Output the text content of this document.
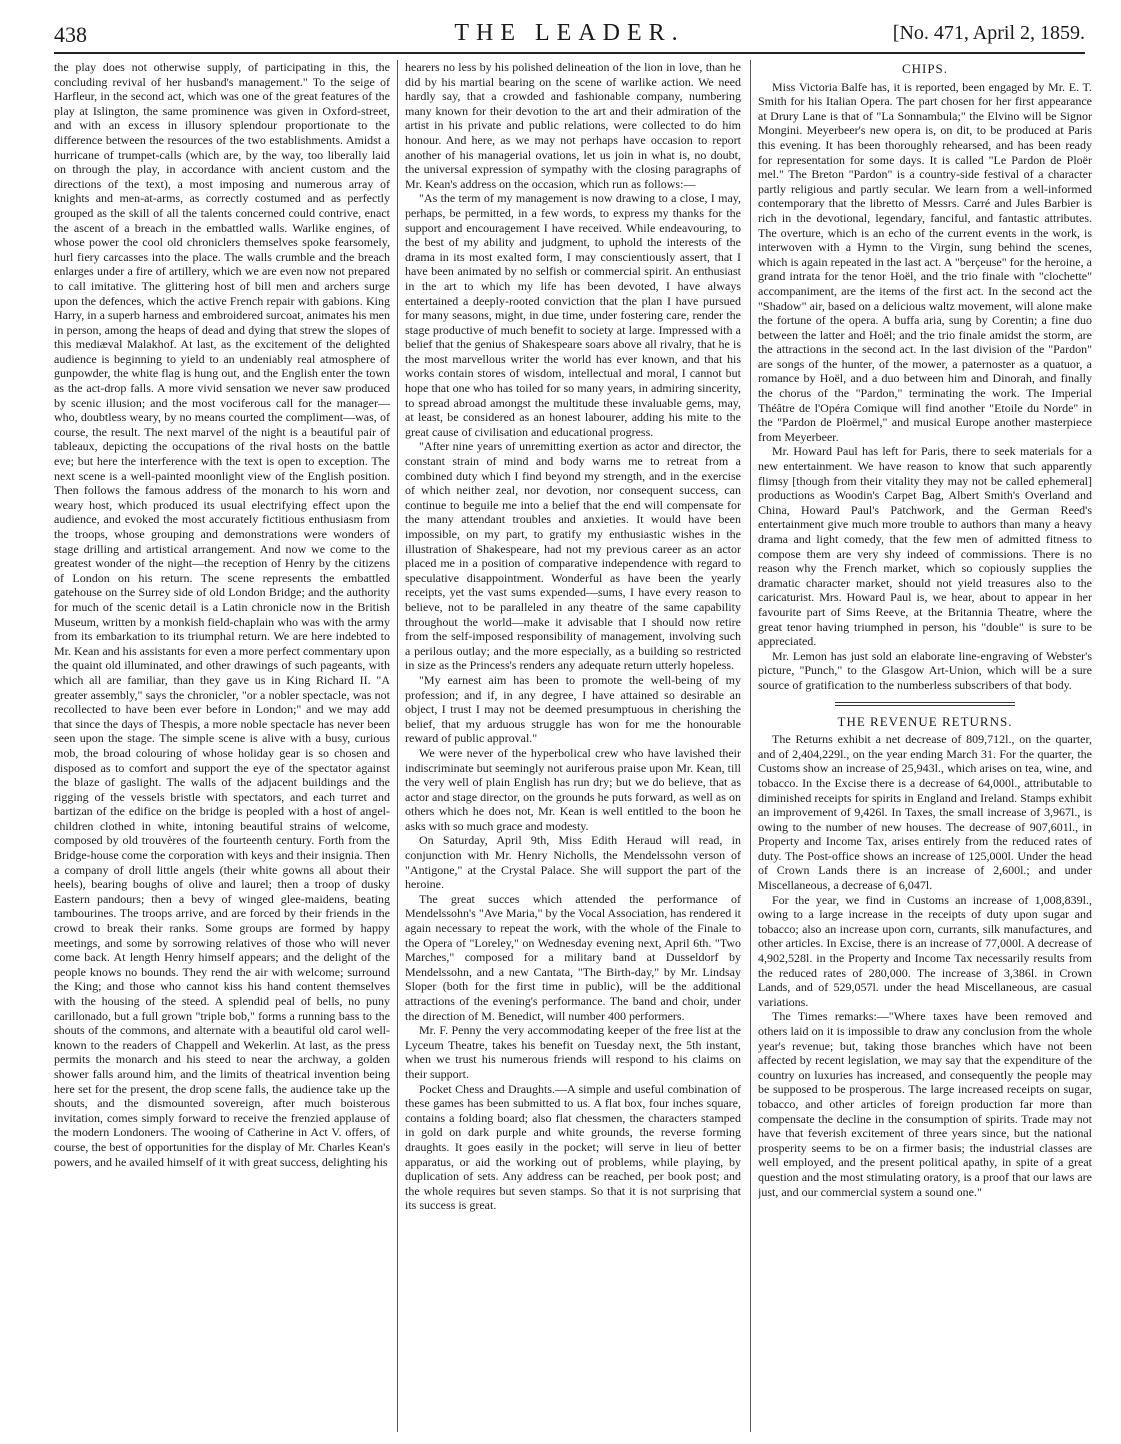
438	THE LEADER.	[No. 471, April 2, 1859.

the play does not otherwise supply, of participating in this, the concluding revival of her husband's management." To the seige of Harfleur, in the second act, which was one of the great features of the play at Islington, the same prominence was given in Oxford-street, and with an excess in illusory splendour proportionate to the difference between the resources of the two establishments. Amidst a hurricane of trumpet-calls (which are, by the way, too liberally laid on through the play, in accordance with ancient custom and the directions of the text), a most imposing and numerous array of knights and men-at-arms, as correctly costumed and as perfectly grouped as the skill of all the talents concerned could contrive, enact the ascent of a breach in the embattled walls. Warlike engines, of whose power the cool old chroniclers themselves spoke fearsomely, hurl fiery carcasses into the place. The walls crumble and the breach enlarges under a fire of artillery, which we are even now not prepared to call imitative. The glittering host of bill men and archers surge upon the defences, which the active French repair with gabions. King Harry, in a superb harness and embroidered surcoat, animates his men in person, among the heaps of dead and dying that strew the slopes of this mediæval Malakhof. At last, as the excitement of the delighted audience is beginning to yield to an undeniably real atmosphere of gunpowder, the white flag is hung out, and the English enter the town as the act-drop falls. A more vivid sensation we never saw produced by scenic illusion; and the most vociferous call for the manager—who, doubtless weary, by no means courted the compliment—was, of course, the result. The next marvel of the night is a beautiful pair of tableaux, depicting the occupations of the rival hosts on the battle eve; but here the interference with the text is open to exception. The next scene is a well-painted moonlight view of the English position. Then follows the famous address of the monarch to his worn and weary host, which produced its usual electrifying effect upon the audience, and evoked the most accurately fictitious enthusiasm from the troops, whose grouping and demonstrations were wonders of stage drilling and artistical arrangement. And now we come to the greatest wonder of the night—the reception of Henry by the citizens of London on his return. The scene represents the embattled gatehouse on the Surrey side of old London Bridge; and the authority for much of the scenic detail is a Latin chronicle now in the British Museum, written by a monkish field-chaplain who was with the army from its embarkation to its triumphal return. We are here indebted to Mr. Kean and his assistants for even a more perfect commentary upon the quaint old illuminated, and other drawings of such pageants, with which all are familiar, than they gave us in King Richard II. "A greater assembly," says the chronicler, "or a nobler spectacle, was not recollected to have been ever before in London;" and we may add that since the days of Thespis, a more noble spectacle has never been seen upon the stage. The simple scene is alive with a busy, curious mob, the broad colouring of whose holiday gear is so chosen and disposed as to comfort and support the eye of the spectator against the blaze of gaslight. The walls of the adjacent buildings and the rigging of the vessels bristle with spectators, and each turret and bartizan of the edifice on the bridge is peopled with a host of angel-children clothed in white, intoning beautiful strains of welcome, composed by old trouvères of the fourteenth century. Forth from the Bridge-house come the corporation with keys and their insignia. Then a company of droll little angels (their white gowns all about their heels), bearing boughs of olive and laurel; then a troop of dusky Eastern pandours; then a bevy of winged glee-maidens, beating tambourines. The troops arrive, and are forced by their friends in the crowd to break their ranks. Some groups are formed by happy meetings, and some by sorrowing relatives of those who will never come back. At length Henry himself appears; and the delight of the people knows no bounds. They rend the air with welcome; surround the King; and those who cannot kiss his hand content themselves with the housing of the steed. A splendid peal of bells, no puny carillonado, but a full grown "triple bob," forms a running bass to the shouts of the commons, and alternate with a beautiful old carol well-known to the readers of Chappell and Wekerlin. At last, as the press permits the monarch and his steed to near the archway, a golden shower falls around him, and the limits of theatrical invention being here set for the present, the drop scene falls, the audience take up the shouts, and the dismounted sovereign, after much boisterous invitation, comes simply forward to receive the frenzied applause of the modern Londoners. The wooing of Catherine in Act V. offers, of course, the best of opportunities for the display of Mr. Charles Kean's powers, and he availed himself of it with great success, delighting his

hearers no less by his polished delineation of the lion in love, than he did by his martial bearing on the scene of warlike action. We need hardly say, that a crowded and fashionable company, numbering many known for their devotion to the art and their admiration of the artist in his private and public relations, were collected to do him honour. And here, as we may not perhaps have occasion to report another of his managerial ovations, let us join in what is, no doubt, the universal expression of sympathy with the closing paragraphs of Mr. Kean's address on the occasion, which run as follows:—

"As the term of my management is now drawing to a close, I may, perhaps, be permitted, in a few words, to express my thanks for the support and encouragement I have received. While endeavouring, to the best of my ability and judgment, to uphold the interests of the drama in its most exalted form, I may conscientiously assert, that I have been animated by no selfish or commercial spirit. An enthusiast in the art to which my life has been devoted, I have always entertained a deeply-rooted conviction that the plan I have pursued for many seasons, might, in due time, under fostering care, render the stage productive of much benefit to society at large. Impressed with a belief that the genius of Shakespeare soars above all rivalry, that he is the most marvellous writer the world has ever known, and that his works contain stores of wisdom, intellectual and moral, I cannot but hope that one who has toiled for so many years, in admiring sincerity, to spread abroad amongst the multitude these invaluable gems, may, at least, be considered as an honest labourer, adding his mite to the great cause of civilisation and educational progress.

"After nine years of unremitting exertion as actor and director, the constant strain of mind and body warns me to retreat from a combined duty which I find beyond my strength, and in the exercise of which neither zeal, nor devotion, nor consequent success, can continue to beguile me into a belief that the end will compensate for the many attendant troubles and anxieties. It would have been impossible, on my part, to gratify my enthusiastic wishes in the illustration of Shakespeare, had not my previous career as an actor placed me in a position of comparative independence with regard to speculative disappointment. Wonderful as have been the yearly receipts, yet the vast sums expended—sums, I have every reason to believe, not to be paralleled in any theatre of the same capability throughout the world—make it advisable that I should now retire from the self-imposed responsibility of management, involving such a perilous outlay; and the more especially, as a building so restricted in size as the Princess's renders any adequate return utterly hopeless.

"My earnest aim has been to promote the well-being of my profession; and if, in any degree, I have attained so desirable an object, I trust I may not be deemed presumptuous in cherishing the belief, that my arduous struggle has won for me the honourable reward of public approval."

We were never of the hyperbolical crew who have lavished their indiscriminate but seemingly not auriferous praise upon Mr. Kean, till the very well of plain English has run dry; but we do believe, that as actor and stage director, on the grounds he puts forward, as well as on others which he does not, Mr. Kean is well entitled to the boon he asks with so much grace and modesty.

On Saturday, April 9th, Miss Edith Heraud will read, in conjunction with Mr. Henry Nicholls, the Mendelssohn verson of "Antigone," at the Crystal Palace. She will support the part of the heroine.

The great succes which attended the performance of Mendelssohn's "Ave Maria," by the Vocal Association, has rendered it again necessary to repeat the work, with the whole of the Finale to the Opera of "Loreley," on Wednesday evening next, April 6th. "Two Marches," composed for a military band at Dusseldorf by Mendelssohn, and a new Cantata, "The Birth-day," by Mr. Lindsay Sloper (both for the first time in public), will be the additional attractions of the evening's performance. The band and choir, under the direction of M. Benedict, will number 400 performers.

Mr. F. Penny the very accommodating keeper of the free list at the Lyceum Theatre, takes his benefit on Tuesday next, the 5th instant, when we trust his numerous friends will respond to his claims on their support.

Pocket Chess and Draughts.—A simple and useful combination of these games has been submitted to us. A flat box, four inches square, contains a folding board; also flat chessmen, the characters stamped in gold on dark purple and white grounds, the reverse forming draughts. It goes easily in the pocket; will serve in lieu of better apparatus, or aid the working out of problems, while playing, by duplication of sets. Any address can be reached, per book post; and the whole requires but seven stamps. So that it is not surprising that its success is great.

CHIPS.

Miss Victoria Balfe has, it is reported, been engaged by Mr. E. T. Smith for his Italian Opera. The part chosen for her first appearance at Drury Lane is that of "La Sonnambula;" the Elvino will be Signor Mongini. Meyerbeer's new opera is, on dit, to be produced at Paris this evening. It has been thoroughly rehearsed, and has been ready for representation for some days. It is called "Le Pardon de Ploër mel." The Breton "Pardon" is a country-side festival of a character partly religious and partly secular. We learn from a well-informed contemporary that the libretto of Messrs. Carré and Jules Barbier is rich in the devotional, legendary, fanciful, and fantastic attributes. The overture, which is an echo of the current events in the work, is interwoven with a Hymn to the Virgin, sung behind the scenes, which is again repeated in the last act. A "berçeuse" for the heroine, a grand intrata for the tenor Hoël, and the trio finale with "clochette" accompaniment, are the items of the first act. In the second act the "Shadow" air, based on a delicious waltz movement, will alone make the fortune of the opera. A buffa aria, sung by Corentin; a fine duo between the latter and Hoël; and the trio finale amidst the storm, are the attractions in the second act. In the last division of the "Pardon" are songs of the hunter, of the mower, a paternoster as a quatuor, a romance by Hoël, and a duo between him and Dinorah, and finally the chorus of the "Pardon," terminating the work. The Imperial Théâtre de l'Opéra Comique will find another "Etoile du Norde" in the "Pardon de Ploërmel," and musical Europe another masterpiece from Meyerbeer.

Mr. Howard Paul has left for Paris, there to seek materials for a new entertainment. We have reason to know that such apparently flimsy [though from their vitality they may not be called ephemeral] productions as Woodin's Carpet Bag, Albert Smith's Overland and China, Howard Paul's Patchwork, and the German Reed's entertainment give much more trouble to authors than many a heavy drama and light comedy, that the few men of admitted fitness to compose them are very shy indeed of commissions. There is no reason why the French market, which so copiously supplies the dramatic character market, should not yield treasures also to the caricaturist. Mrs. Howard Paul is, we hear, about to appear in her favourite part of Sims Reeve, at the Britannia Theatre, where the great tenor having triumphed in person, his "double" is sure to be appreciated.

Mr. Lemon has just sold an elaborate line-engraving of Webster's picture, "Punch," to the Glasgow Art-Union, which will be a sure source of gratification to the numberless subscribers of that body.

THE REVENUE RETURNS.

The Returns exhibit a net decrease of 809,712l., on the quarter, and of 2,404,229l., on the year ending March 31. For the quarter, the Customs show an increase of 25,943l., which arises on tea, wine, and tobacco. In the Excise there is a decrease of 64,000l., attributable to diminished receipts for spirits in England and Ireland. Stamps exhibit an improvement of 9,426l. In Taxes, the small increase of 3,967l., is owing to the number of new houses. The decrease of 907,601l., in Property and Income Tax, arises entirely from the reduced rates of duty. The Post-office shows an increase of 125,000l. Under the head of Crown Lands there is an increase of 2,600l.; and under Miscellaneous, a decrease of 6,047l.

For the year, we find in Customs an increase of 1,008,839l., owing to a large increase in the receipts of duty upon sugar and tobacco; also an increase upon corn, currants, silk manufactures, and other articles. In Excise, there is an increase of 77,000l. A decrease of 4,902,528l. in the Property and Income Tax necessarily results from the reduced rates of 280,000. The increase of 3,386l. in Crown Lands, and of 529,057l. under the head Miscellaneous, are casual variations.

The Times remarks:—"Where taxes have been removed and others laid on it is impossible to draw any conclusion from the whole year's revenue; but, taking those branches which have not been affected by recent legislation, we may say that the expenditure of the country on luxuries has increased, and consequently the people may be supposed to be prosperous. The large increased receipts on sugar, tobacco, and other articles of foreign production far more than compensate the decline in the consumption of spirits. Trade may not have that feverish excitement of three years since, but the national prosperity seems to be on a firmer basis; the industrial classes are well employed, and the present political apathy, in spite of a great question and the most stimulating oratory, is a proof that our laws are just, and our commercial system a sound one."
